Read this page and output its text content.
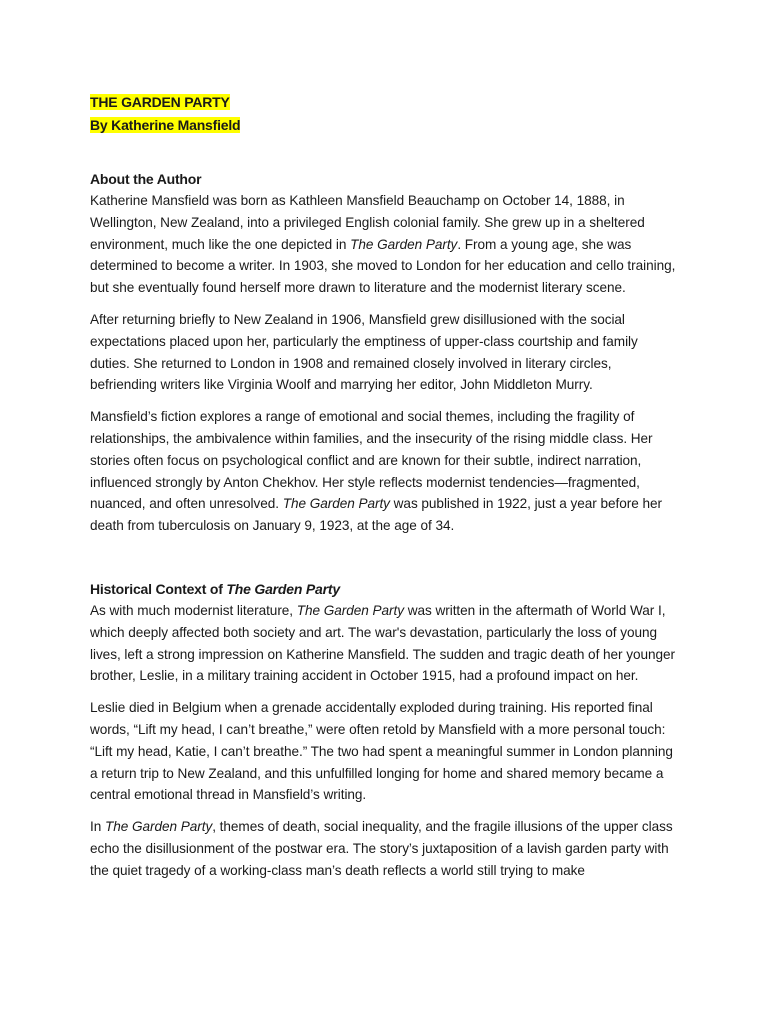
THE GARDEN PARTY
By Katherine Mansfield
About the Author

Katherine Mansfield was born as Kathleen Mansfield Beauchamp on October 14, 1888, in Wellington, New Zealand, into a privileged English colonial family. She grew up in a sheltered environment, much like the one depicted in The Garden Party. From a young age, she was determined to become a writer. In 1903, she moved to London for her education and cello training, but she eventually found herself more drawn to literature and the modernist literary scene.

After returning briefly to New Zealand in 1906, Mansfield grew disillusioned with the social expectations placed upon her, particularly the emptiness of upper-class courtship and family duties. She returned to London in 1908 and remained closely involved in literary circles, befriending writers like Virginia Woolf and marrying her editor, John Middleton Murry.

Mansfield’s fiction explores a range of emotional and social themes, including the fragility of relationships, the ambivalence within families, and the insecurity of the rising middle class. Her stories often focus on psychological conflict and are known for their subtle, indirect narration, influenced strongly by Anton Chekhov. Her style reflects modernist tendencies—fragmented, nuanced, and often unresolved. The Garden Party was published in 1922, just a year before her death from tuberculosis on January 9, 1923, at the age of 34.

Historical Context of The Garden Party

As with much modernist literature, The Garden Party was written in the aftermath of World War I, which deeply affected both society and art. The war's devastation, particularly the loss of young lives, left a strong impression on Katherine Mansfield. The sudden and tragic death of her younger brother, Leslie, in a military training accident in October 1915, had a profound impact on her.

Leslie died in Belgium when a grenade accidentally exploded during training. His reported final words, “Lift my head, I can’t breathe,” were often retold by Mansfield with a more personal touch: “Lift my head, Katie, I can’t breathe.” The two had spent a meaningful summer in London planning a return trip to New Zealand, and this unfulfilled longing for home and shared memory became a central emotional thread in Mansfield’s writing.

In The Garden Party, themes of death, social inequality, and the fragile illusions of the upper class echo the disillusionment of the postwar era. The story’s juxtaposition of a lavish garden party with the quiet tragedy of a working-class man’s death reflects a world still trying to make
